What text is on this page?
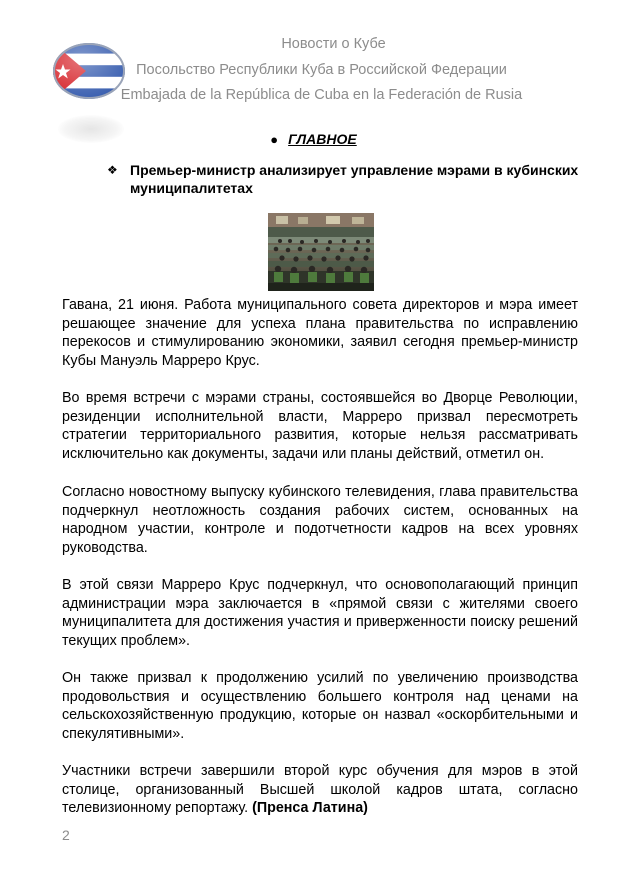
Новости о Кубе
Посольство Республики Куба в Российской Федерации
Embajada de la República de Cuba en la Federación de Rusia
● ГЛАВНОЕ
❖ Премьер-министр анализирует управление мэрами в кубинских муниципалитетах
Гавана, 21 июня. Работа муниципального совета директоров и мэра имеет решающее значение для успеха плана правительства по исправлению перекосов и стимулированию экономики, заявил сегодня премьер-министр Кубы Мануэль Марреро Крус.
Во время встречи с мэрами страны, состоявшейся во Дворце Революции, резиденции исполнительной власти, Марреро призвал пересмотреть стратегии территориального развития, которые нельзя рассматривать исключительно как документы, задачи или планы действий, отметил он.
Согласно новостному выпуску кубинского телевидения, глава правительства подчеркнул неотложность создания рабочих систем, основанных на народном участии, контроле и подотчетности кадров на всех уровнях руководства.
В этой связи Марреро Крус подчеркнул, что основополагающий принцип администрации мэра заключается в «прямой связи с жителями своего муниципалитета для достижения участия и приверженности поиску решений текущих проблем».
Он также призвал к продолжению усилий по увеличению производства продовольствия и осуществлению большего контроля над ценами на сельскохозяйственную продукцию, которые он назвал «оскорбительными и спекулятивными».
Участники встречи завершили второй курс обучения для мэров в этой столице, организованный Высшей школой кадров штата, согласно телевизионному репортажу. (Пренса Латина)
2
